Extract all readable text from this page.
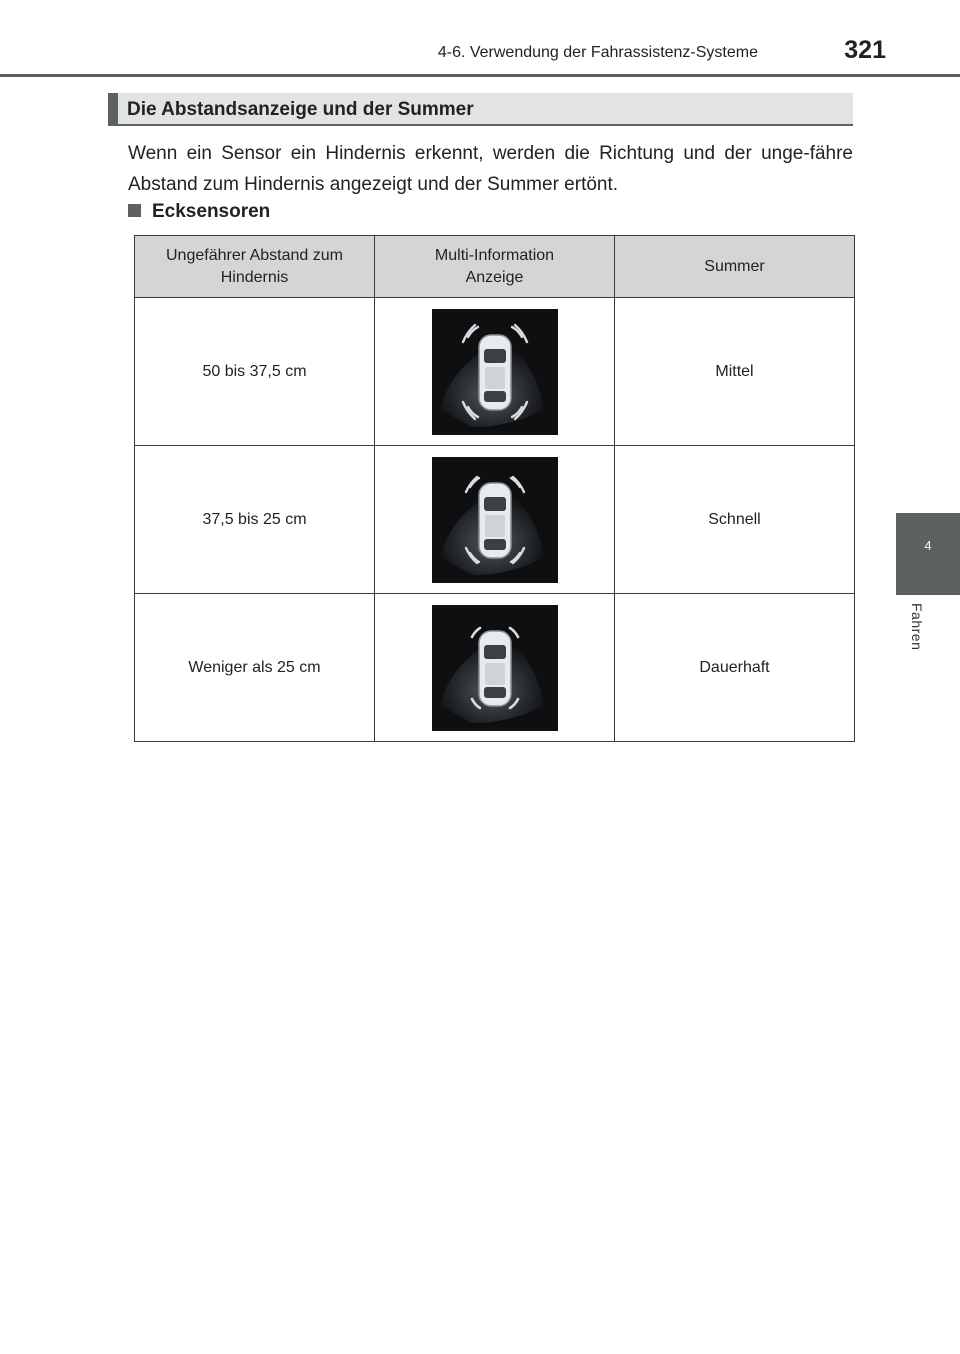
4-6. Verwendung der Fahrassistenz-Systeme	321
4
Fahren
Die Abstandsanzeige und der Summer
Wenn ein Sensor ein Hindernis erkennt, werden die Richtung und der unge-fähre Abstand zum Hindernis angezeigt und der Summer ertönt.
Ecksensoren
Ungefährer Abstand zum Hindernis	Multi-Information Anzeige	Summer

50 bis 37,5 cm		Mittel
37,5 bis 25 cm		Schnell
Weniger als 25 cm		Dauerhaft
